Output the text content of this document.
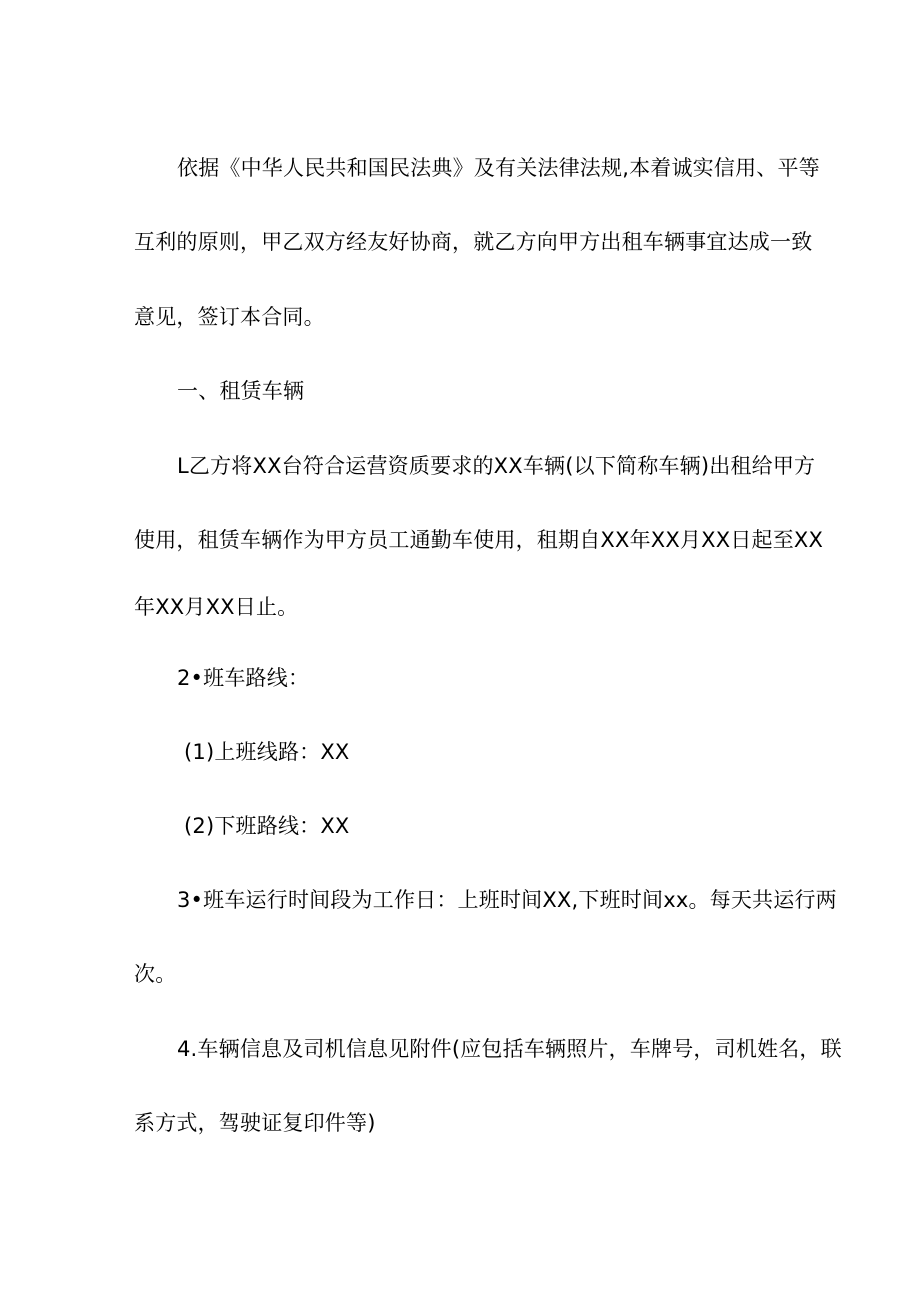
依据《中华人民共和国民法典》及有关法律法规,本着诚实信用、平等
互利的原则，甲乙双方经友好协商，就乙方向甲方出租车辆事宜达成一致
意见，签订本合同。
一、租赁车辆
L乙方将XX台符合运营资质要求的XX车辆(以下简称车辆)出租给甲方
使用，租赁车辆作为甲方员工通勤车使用，租期自XX年XX月XX日起至XX
年XX月XX日止。
2•班车路线：
(1)上班线路：XX
(2)下班路线：XX
3•班车运行时间段为工作日：上班时间XX,下班时间xx。每天共运行两
次。
4.车辆信息及司机信息见附件(应包括车辆照片，车牌号，司机姓名，联
系方式，驾驶证复印件等)
